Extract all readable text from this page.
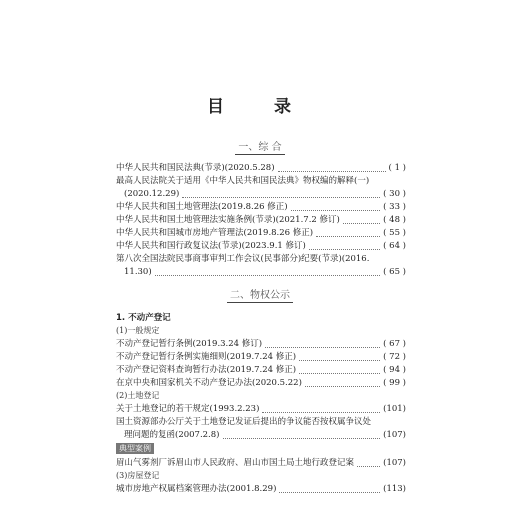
目 录
一、综 合
中华人民共和国民法典(节录)(2020.5.28)	( 1 )
最高人民法院关于适用《中华人民共和国民法典》物权编的解释(一)
(2020.12.29)	( 30 )
中华人民共和国土地管理法(2019.8.26 修正)	( 33 )
中华人民共和国土地管理法实施条例(节录)(2021.7.2 修订)	( 48 )
中华人民共和国城市房地产管理法(2019.8.26 修正)	( 55 )
中华人民共和国行政复议法(节录)(2023.9.1 修订)	( 64 )
第八次全国法院民事商事审判工作会议(民事部分)纪要(节录)(2016.
11.30)	( 65 )
二、物权公示
1. 不动产登记
(1)一般规定
不动产登记暂行条例(2019.3.24 修订)	( 67 )
不动产登记暂行条例实施细则(2019.7.24 修正)	( 72 )
不动产登记资料查询暂行办法(2019.7.24 修正)	( 94 )
在京中央和国家机关不动产登记办法(2020.5.22)	( 99 )
(2)土地登记
关于土地登记的若干规定(1993.2.23)	(101)
国土资源部办公厅关于土地登记发证后提出的争议能否按权属争议处
理问题的复函(2007.2.8)	(107)
典型案例
眉山气雾剂厂诉眉山市人民政府、眉山市国土局土地行政登记案	(107)
(3)房屋登记
城市房地产权属档案管理办法(2001.8.29)	(113)
